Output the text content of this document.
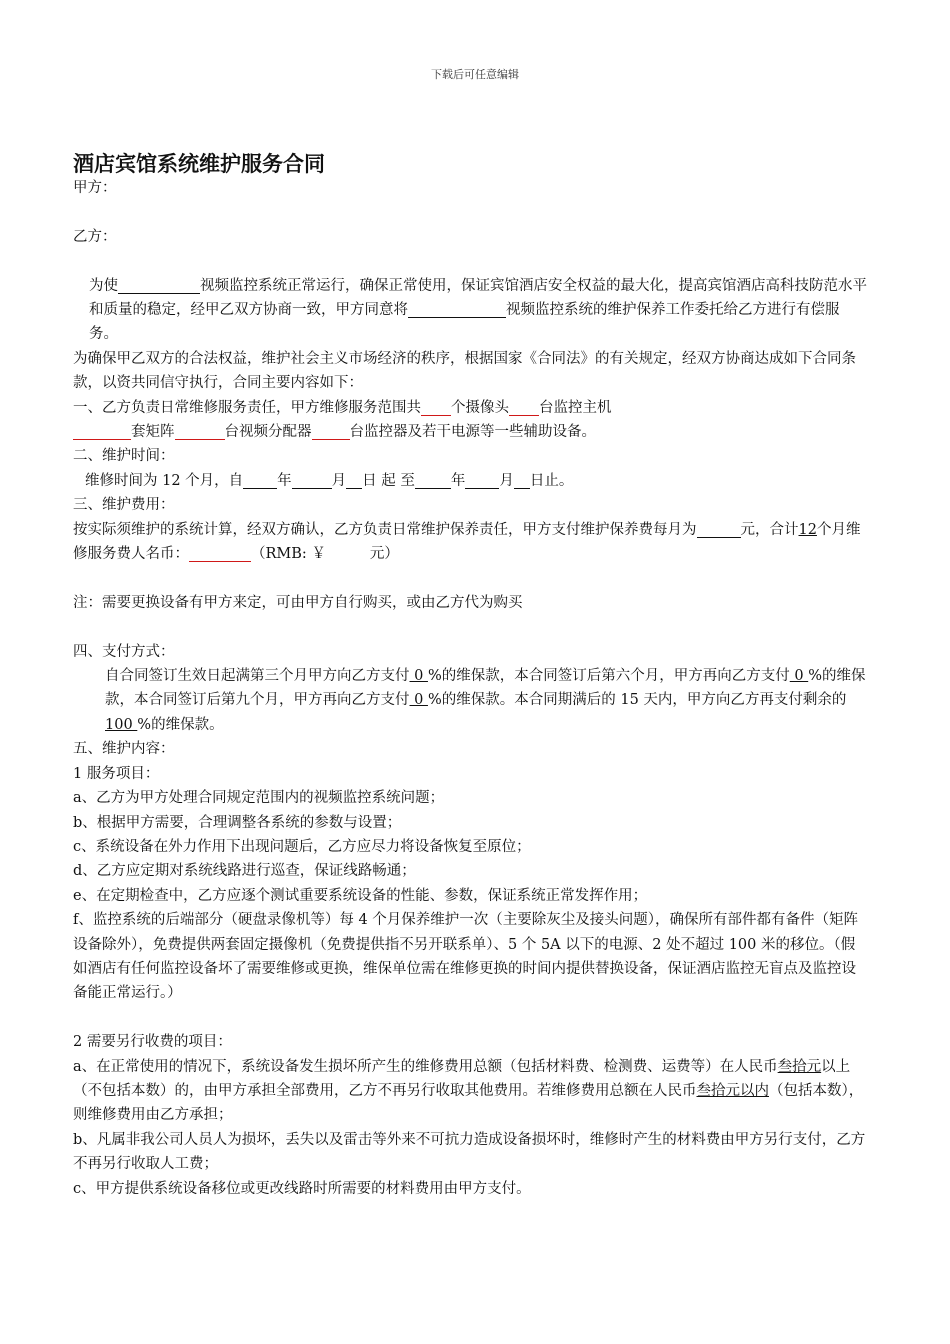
下载后可任意编辑
酒店宾馆系统维护服务合同

甲方：

乙方：

为使	视频监控系统正常运行，确保正常使用，保证宾馆酒店安全权益的最大化，提高宾馆酒店高科技防范水平和质量的稳定，经甲乙双方协商一致，甲方同意将	视频监控系统的维护保养工作委托给乙方进行有偿服务。

为确保甲乙双方的合法权益，维护社会主义市场经济的秩序，根据国家《合同法》的有关规定，经双方协商达成如下合同条款，以资共同信守执行，合同主要内容如下：

一、乙方负责日常维修服务责任，甲方维修服务范围共 个摄像头 台监控主机
套矩阵	台视频分配器	台监控器及若干电源等一些辅助设备。

二、维护时间：

维修时间为 12 个月，自 年	月 日 起 至 年 月 日止。

三、维护费用：

按实际须维护的系统计算，经双方确认，乙方负责日常维护保养责任，甲方支付维护保养费每月为	元，合计12个月维修服务费人名币：	（RMB: ￥	元）

注：需要更换设备有甲方来定，可由甲方自行购买，或由乙方代为购买

四、支付方式：

自合同签订生效日起满第三个月甲方向乙方支付 0 %的维保款，本合同签订后第六个月，甲方再向乙方支付 0 %的维保款，本合同签订后第九个月，甲方再向乙方支付 0 %的维保款。本合同期满后的 15 天内，甲方向乙方再支付剩余的 100 %的维保款。

五、维护内容：

1 服务项目：

a、乙方为甲方处理合同规定范围内的视频监控系统问题；

b、根据甲方需要，合理调整各系统的参数与设置；

c、系统设备在外力作用下出现问题后，乙方应尽力将设备恢复至原位；

d、乙方应定期对系统线路进行巡查，保证线路畅通；

e、在定期检查中，乙方应逐个测试重要系统设备的性能、参数，保证系统正常发挥作用；

f、监控系统的后端部分（硬盘录像机等）每 4 个月保养维护一次（主要除灰尘及接头问题），确保所有部件都有备件（矩阵设备除外），免费提供两套固定摄像机（免费提供指不另开联系单）、5 个 5A 以下的电源、2 处不超过 100 米的移位。（假如酒店有任何监控设备坏了需要维修或更换，维保单位需在维修更换的时间内提供替换设备，保证酒店监控无盲点及监控设备能正常运行。）

2 需要另行收费的项目：

a、在正常使用的情况下，系统设备发生损坏所产生的维修费用总额（包括材料费、检测费、运费等）在人民币叁拾元以上（不包括本数）的，由甲方承担全部费用，乙方不再另行收取其他费用。若维修费用总额在人民币叁拾元以内（包括本数），则维修费用由乙方承担；

b、凡属非我公司人员人为损坏，丢失以及雷击等外来不可抗力造成设备损坏时，维修时产生的材料费由甲方另行支付，乙方不再另行收取人工费；

c、甲方提供系统设备移位或更改线路时所需要的材料费用由甲方支付。
